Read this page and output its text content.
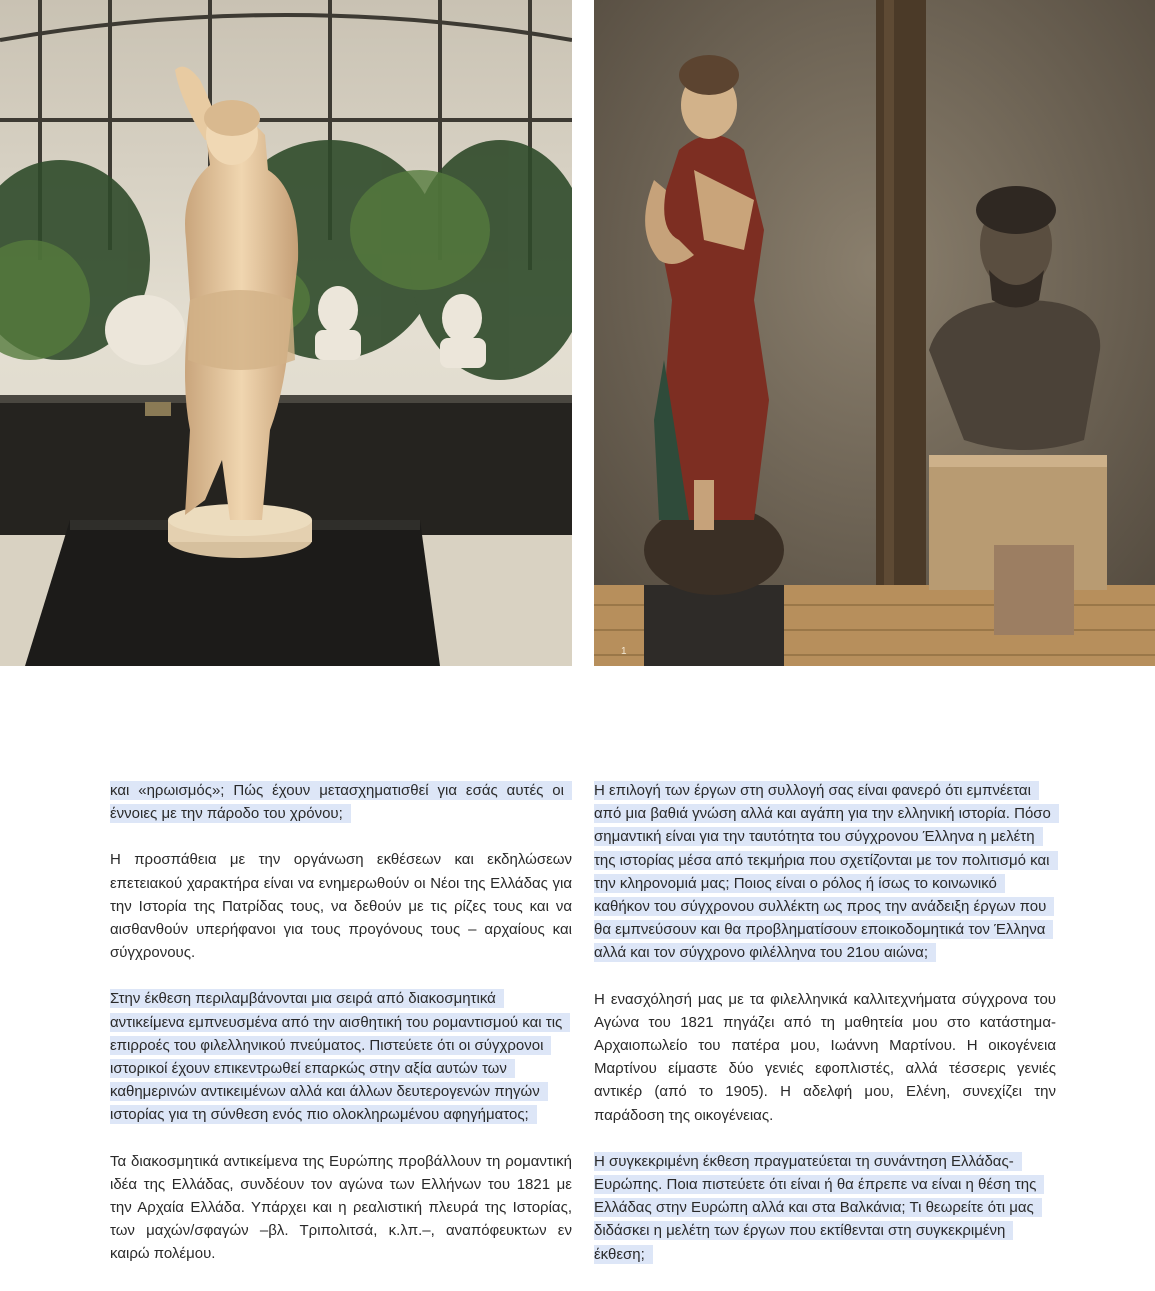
1

και «ηρωισμός»; Πώς έχουν μετασχηματισθεί για εσάς αυτές οι έννοιες με την πάροδο του χρόνου;

Η προσπάθεια με την οργάνωση εκθέσεων και εκδηλώσεων επετειακού χαρακτήρα είναι να ενημερωθούν οι Νέοι της Ελλάδας για την Ιστορία της Πατρίδας τους, να δεθούν με τις ρίζες τους και να αισθανθούν υπερήφανοι για τους προγόνους τους – αρχαίους και σύγχρονους.

Στην έκθεση περιλαμβάνονται μια σειρά από διακοσμητικά αντικείμενα εμπνευσμένα από την αισθητική του ρομαντισμού και τις επιρροές του φιλελληνικού πνεύματος. Πιστεύετε ότι οι σύγχρονοι ιστορικοί έχουν επικεντρωθεί επαρκώς στην αξία αυτών των καθημερινών αντικειμένων αλλά και άλλων δευτερογενών πηγών ιστορίας για τη σύνθεση ενός πιο ολοκληρωμένου αφηγήματος;

Τα διακοσμητικά αντικείμενα της Ευρώπης προβάλλουν τη ρομαντική ιδέα της Ελλάδας, συνδέουν τον αγώνα των Ελλήνων του 1821 με την Αρχαία Ελλάδα. Υπάρχει και η ρεαλιστική πλευρά της Ιστορίας, των μαχών/σφαγών –βλ. Τριπολιτσά, κ.λπ.–, αναπόφευκτων εν καιρώ πολέμου.

Η επιλογή των έργων στη συλλογή σας είναι φανερό ότι εμπνέεται από μια βαθιά γνώση αλλά και αγάπη για την ελληνική ιστορία. Πόσο σημαντική είναι για την ταυτότητα του σύγχρονου Έλληνα η μελέτη της ιστορίας μέσα από τεκμήρια που σχετίζονται με τον πολιτισμό και την κληρονομιά μας; Ποιος είναι ο ρόλος ή ίσως το κοινωνικό καθήκον του σύγχρονου συλλέκτη ως προς την ανάδειξη έργων που θα εμπνεύσουν και θα προβληματίσουν εποικοδομητικά τον Έλληνα αλλά και τον σύγχρονο φιλέλληνα του 21ου αιώνα;

Η ενασχόλησή μας με τα φιλελληνικά καλλιτεχνήματα σύγχρονα του Αγώνα του 1821 πηγάζει από τη μαθητεία μου στο κατάστημα-Αρχαιοπωλείο του πατέρα μου, Ιωάννη Μαρτίνου. Η οικογένεια Μαρτίνου είμαστε δύο γενιές εφοπλιστές, αλλά τέσσερις γενιές αντικέρ (από το 1905). Η αδελφή μου, Ελένη, συνεχίζει την παράδοση της οικογένειας.

Η συγκεκριμένη έκθεση πραγματεύεται τη συνάντηση Ελλάδας-Ευρώπης. Ποια πιστεύετε ότι είναι ή θα έπρεπε να είναι η θέση της Ελλάδας στην Ευρώπη αλλά και στα Βαλκάνια; Τι θεωρείτε ότι μας διδάσκει η μελέτη των έργων που εκτίθενται στη συγκεκριμένη έκθεση;
